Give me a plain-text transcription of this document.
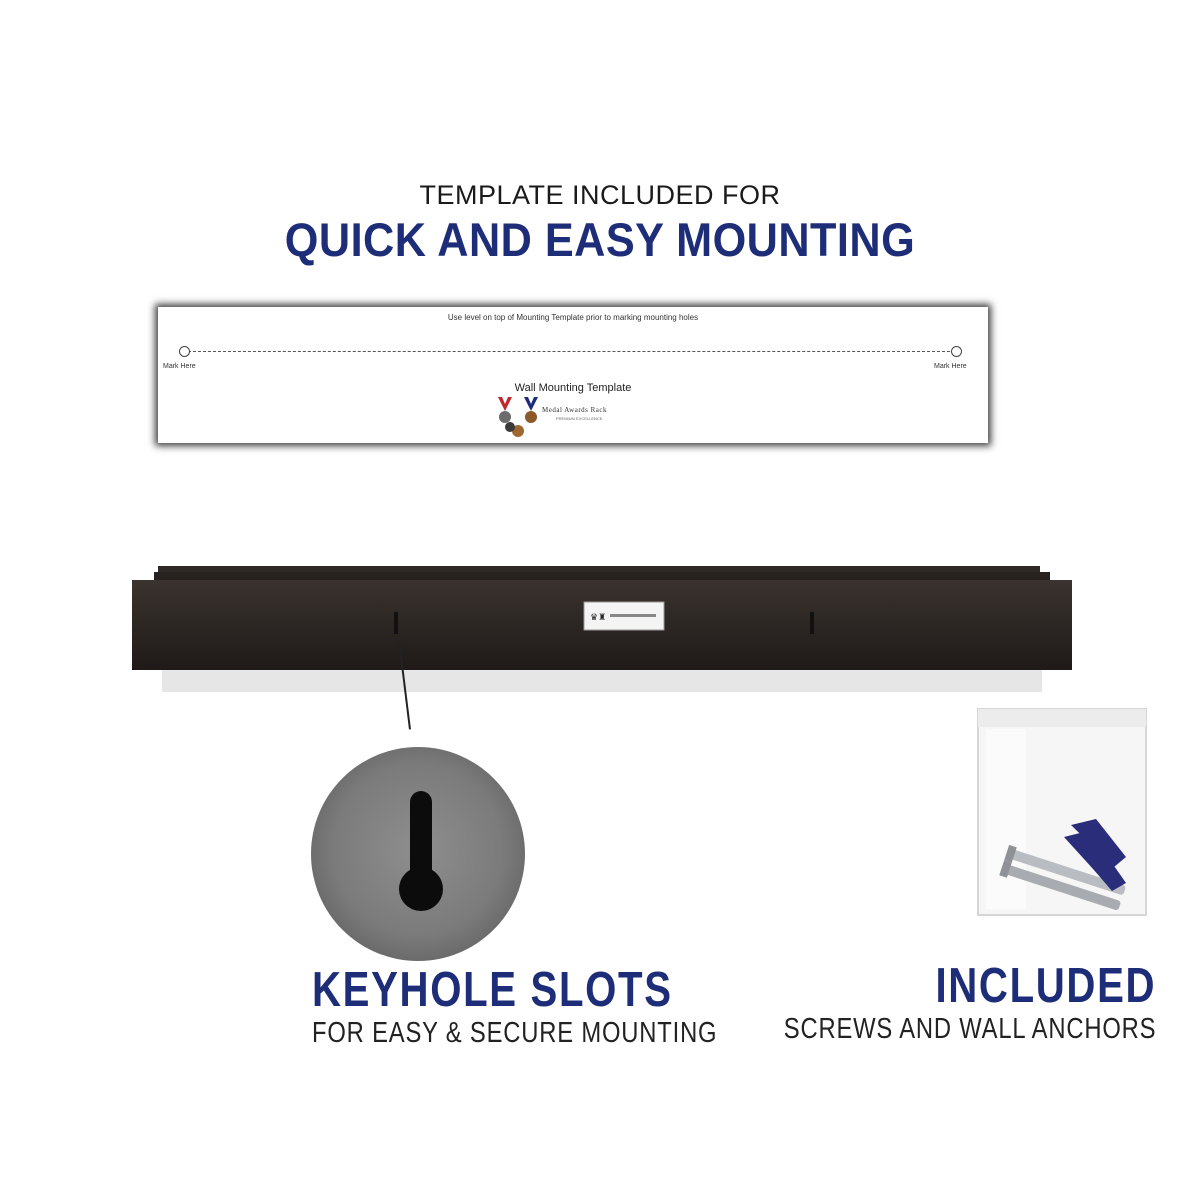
TEMPLATE INCLUDED FOR
QUICK AND EASY MOUNTING
Use level on top of Mounting Template prior to marking mounting holes
Mark Here	Mark Here
Wall Mounting Template
Medal Awards Rack
PREMIUM EXCELLENCE
♛♜
KEYHOLE SLOTS
FOR EASY & SECURE MOUNTING
INCLUDED
SCREWS AND WALL ANCHORS
